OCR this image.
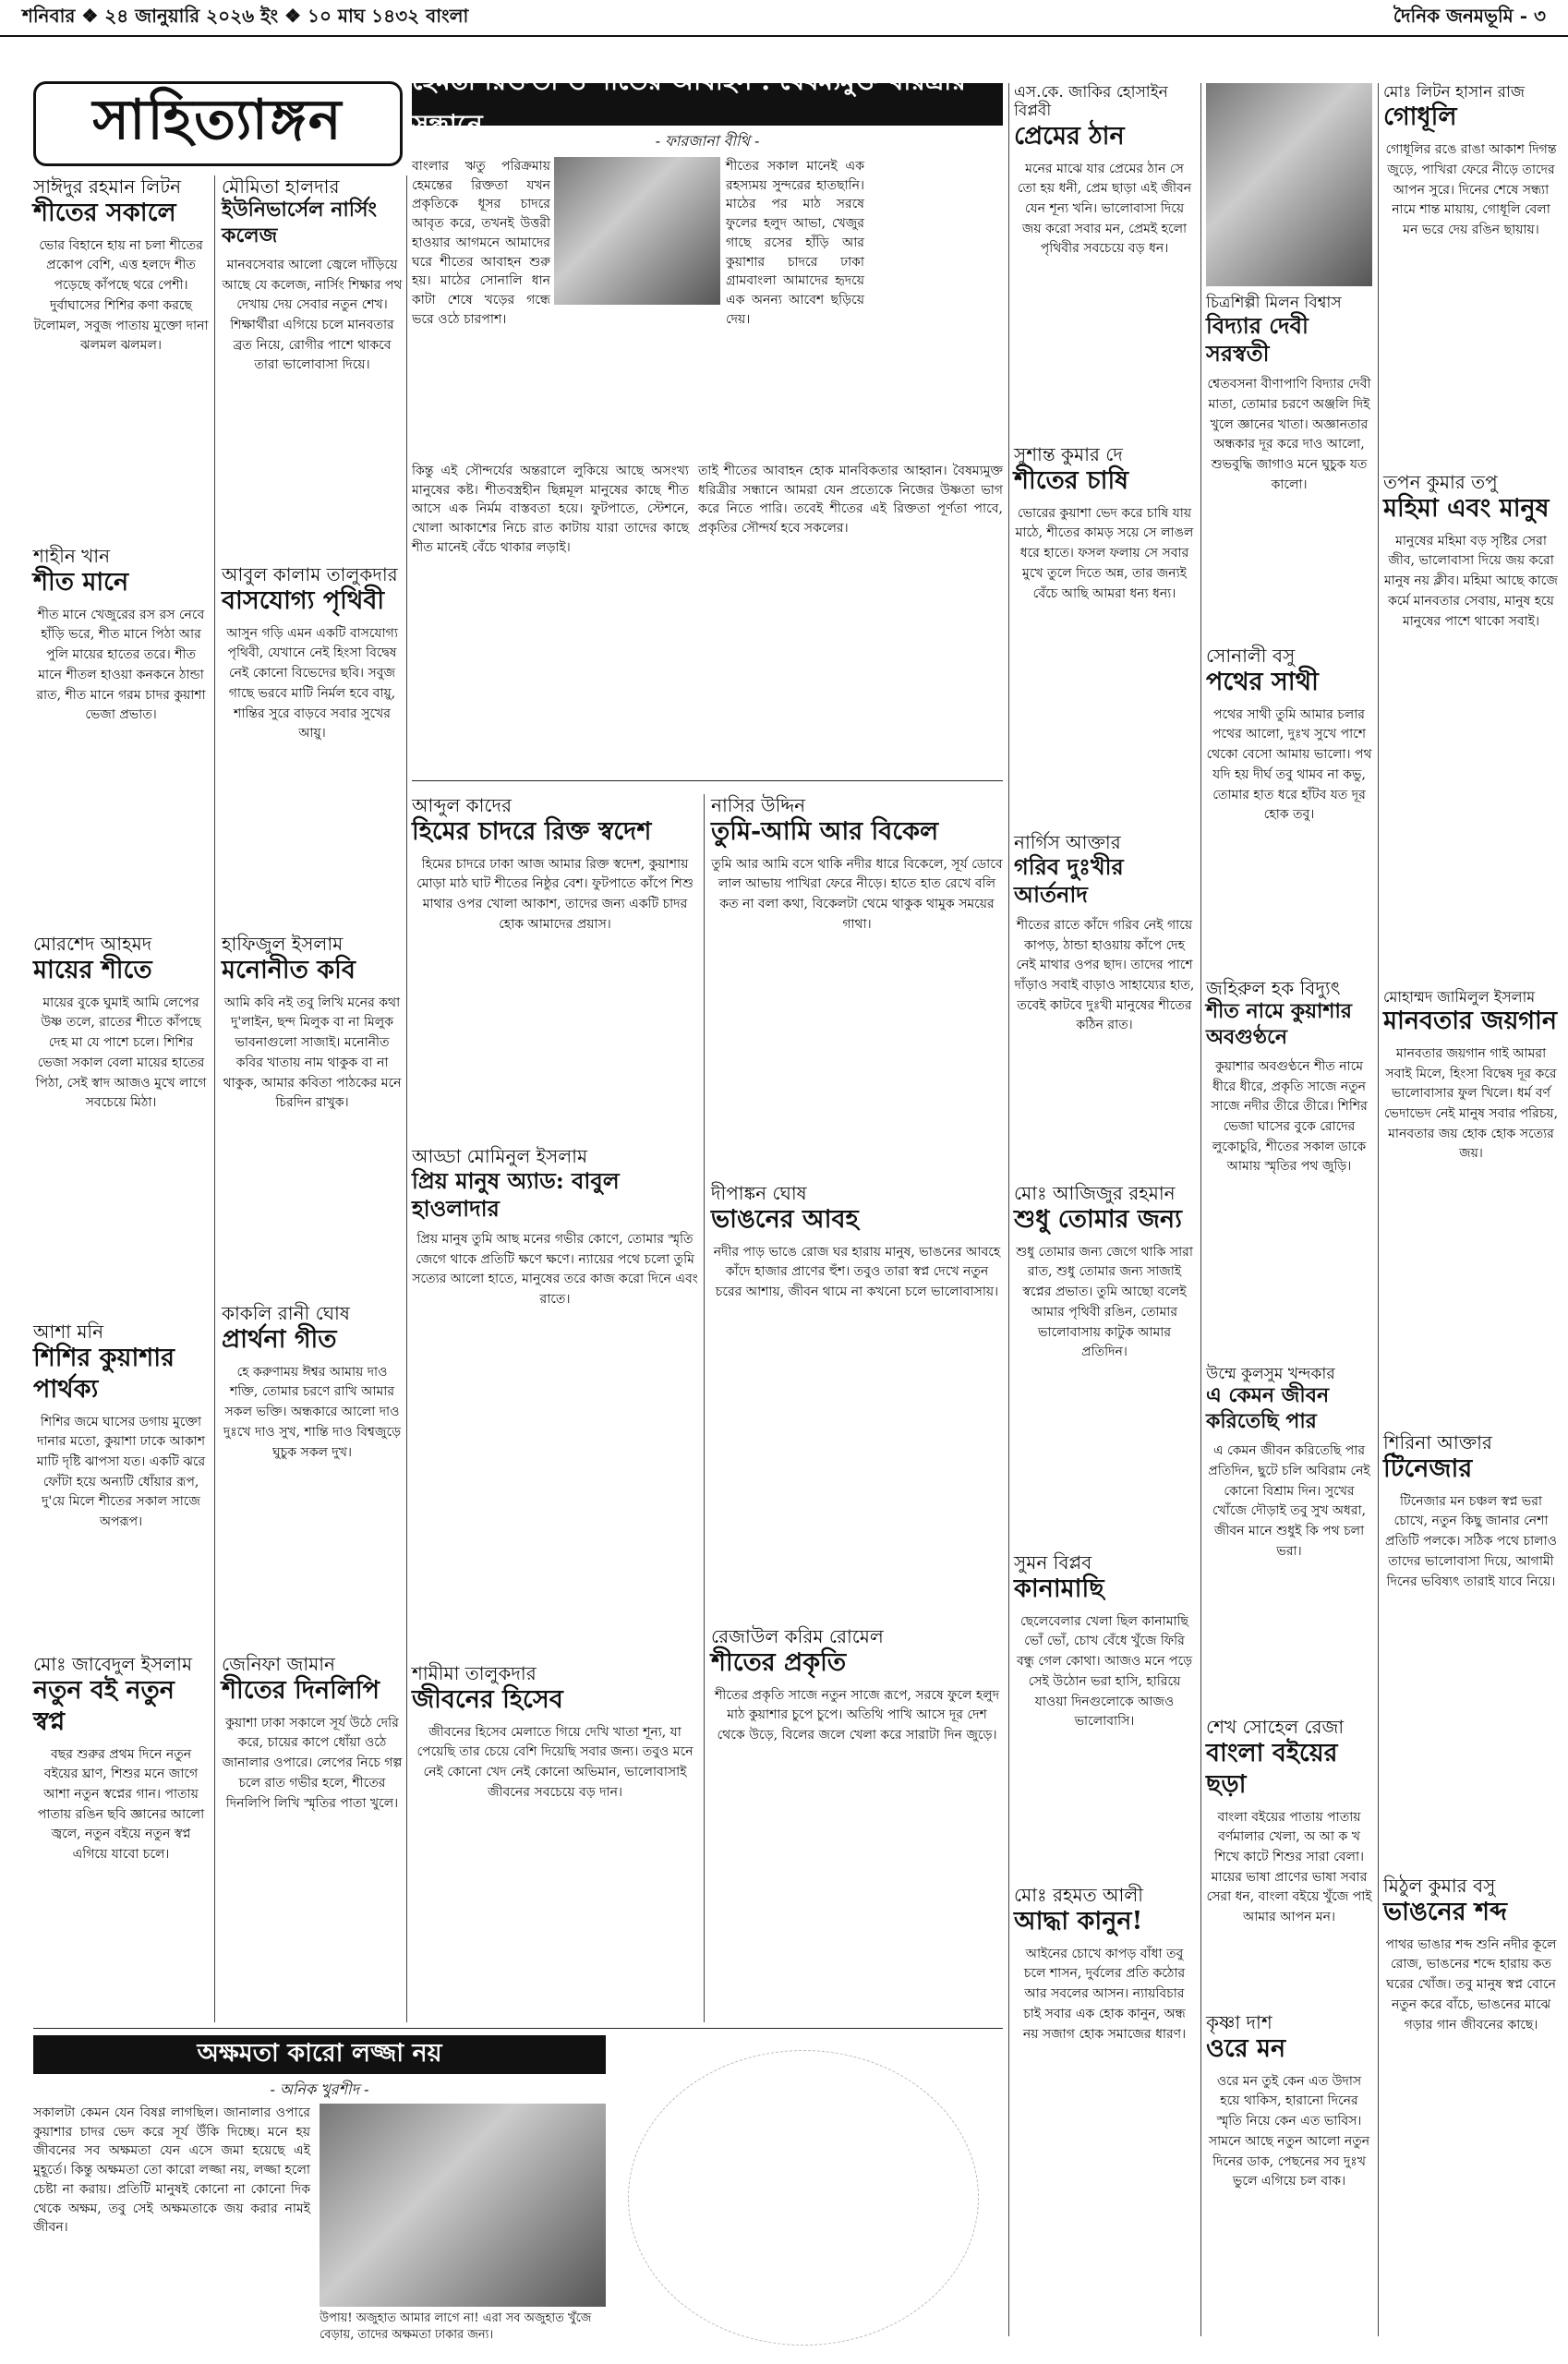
শনিবার ❖ ২৪ জানুয়ারি ২০২৬ ইং ❖ ১০ মাঘ ১৪৩২ বাংলা	দৈনিক জনমভূমি - ৩
সাহিত্যাঙ্গন
হেমন্তী রিক্ততা ও শীতের আবাহন : বৈষম্যমুক্ত ধরিত্রীর সন্ধানে
- ফারজানা বীথি -
বাংলার ঋতু পরিক্রমায় হেমন্তের রিক্ততা যখন প্রকৃতিকে ধূসর চাদরে আবৃত করে, তখনই উত্তরী হাওয়ার আগমনে আমাদের ঘরে শীতের আবাহন শুরু হয়। মাঠের সোনালি ধান কাটা শেষে খড়ের গন্ধে ভরে ওঠে চারপাশ।
শীতের সকাল মানেই এক রহস্যময় সুন্দরের হাতছানি। মাঠের পর মাঠ সরষে ফুলের হলুদ আভা, খেজুর গাছে রসের হাঁড়ি আর কুয়াশার চাদরে ঢাকা গ্রামবাংলা আমাদের হৃদয়ে এক অনন্য আবেশ ছড়িয়ে দেয়।
কিন্তু এই সৌন্দর্যের অন্তরালে লুকিয়ে আছে অসংখ্য মানুষের কষ্ট। শীতবস্ত্রহীন ছিন্নমূল মানুষের কাছে শীত আসে এক নির্মম বাস্তবতা হয়ে। ফুটপাতে, স্টেশনে, খোলা আকাশের নিচে রাত কাটায় যারা তাদের কাছে শীত মানেই বেঁচে থাকার লড়াই।
তাই শীতের আবাহন হোক মানবিকতার আহ্বান। বৈষম্যমুক্ত ধরিত্রীর সন্ধানে আমরা যেন প্রত্যেকে নিজের উষ্ণতা ভাগ করে নিতে পারি। তবেই শীতের এই রিক্ততা পূর্ণতা পাবে, প্রকৃতির সৌন্দর্য হবে সকলের।
সাঈদুর রহমান লিটন
শীতের সকালে
ভোর বিহানে হায় না চলা শীতের প্রকোপ বেশি, এত্ত হলদে শীত পড়েছে কাঁপছে থরে পেশী। দুর্বাঘাসের শিশির কণা করছে টলোমল, সবুজ পাতায় মুক্তো দানা ঝলমল ঝলমল।
শাহীন খান
শীত মানে
শীত মানে খেজুরের রস রস নেবে হাঁড়ি ভরে, শীত মানে পিঠা আর পুলি মায়ের হাতের তরে। শীত মানে শীতল হাওয়া কনকনে ঠান্ডা রাত, শীত মানে গরম চাদর কুয়াশা ভেজা প্রভাত।
মোরশেদ আহমদ
মায়ের শীতে
মায়ের বুকে ঘুমাই আমি লেপের উষ্ণ তলে, রাতের শীতে কাঁপছে দেহ মা যে পাশে চলে। শিশির ভেজা সকাল বেলা মায়ের হাতের পিঠা, সেই স্বাদ আজও মুখে লাগে সবচেয়ে মিঠা।
আশা মনি
শিশির কুয়াশার পার্থক্য
শিশির জমে ঘাসের ডগায় মুক্তো দানার মতো, কুয়াশা ঢাকে আকাশ মাটি দৃষ্টি ঝাপসা যত। একটি ঝরে ফোঁটা হয়ে অন্যটি ধোঁয়ার রূপ, দু'য়ে মিলে শীতের সকাল সাজে অপরূপ।
মোঃ জাবেদুল ইসলাম
নতুন বই নতুন স্বপ্ন
বছর শুরুর প্রথম দিনে নতুন বইয়ের ঘ্রাণ, শিশুর মনে জাগে আশা নতুন স্বপ্নের গান। পাতায় পাতায় রঙিন ছবি জ্ঞানের আলো জ্বলে, নতুন বইয়ে নতুন স্বপ্ন এগিয়ে যাবো চলে।
মৌমিতা হালদার
ইউনিভার্সেল নার্সিং কলেজ
মানবসেবার আলো জ্বেলে দাঁড়িয়ে আছে যে কলেজ, নার্সিং শিক্ষার পথ দেখায় দেয় সেবার নতুন শেখ। শিক্ষার্থীরা এগিয়ে চলে মানবতার ব্রত নিয়ে, রোগীর পাশে থাকবে তারা ভালোবাসা দিয়ে।
আবুল কালাম তালুকদার
বাসযোগ্য পৃথিবী
আসুন গড়ি এমন একটি বাসযোগ্য পৃথিবী, যেখানে নেই হিংসা বিদ্বেষ নেই কোনো বিভেদের ছবি। সবুজ গাছে ভরবে মাটি নির্মল হবে বায়ু, শান্তির সুরে বাড়বে সবার সুখের আয়ু।
হাফিজুল ইসলাম
মনোনীত কবি
আমি কবি নই তবু লিখি মনের কথা দু'লাইন, ছন্দ মিলুক বা না মিলুক ভাবনাগুলো সাজাই। মনোনীত কবির খাতায় নাম থাকুক বা না থাকুক, আমার কবিতা পাঠকের মনে চিরদিন রাখুক।
কাকলি রানী ঘোষ
প্রার্থনা গীত
হে করুণাময় ঈশ্বর আমায় দাও শক্তি, তোমার চরণে রাখি আমার সকল ভক্তি। অন্ধকারে আলো দাও দুঃখে দাও সুখ, শান্তি দাও বিশ্বজুড়ে ঘুচুক সকল দুখ।
জেনিফা জামান
শীতের দিনলিপি
কুয়াশা ঢাকা সকালে সূর্য উঠে দেরি করে, চায়ের কাপে ধোঁয়া ওঠে জানালার ওপারে। লেপের নিচে গল্প চলে রাত গভীর হলে, শীতের দিনলিপি লিখি স্মৃতির পাতা খুলে।
আব্দুল কাদের
হিমের চাদরে রিক্ত স্বদেশ
হিমের চাদরে ঢাকা আজ আমার রিক্ত স্বদেশ, কুয়াশায় মোড়া মাঠ ঘাট শীতের নিষ্ঠুর বেশ। ফুটপাতে কাঁপে শিশু মাথার ওপর খোলা আকাশ, তাদের জন্য একটি চাদর হোক আমাদের প্রয়াস।
আড্ডা মোমিনুল ইসলাম
প্রিয় মানুষ অ্যাড: বাবুল হাওলাদার
প্রিয় মানুষ তুমি আছ মনের গভীর কোণে, তোমার স্মৃতি জেগে থাকে প্রতিটি ক্ষণে ক্ষণে। ন্যায়ের পথে চলো তুমি সত্যের আলো হাতে, মানুষের তরে কাজ করো দিনে এবং রাতে।
শামীমা তালুকদার
জীবনের হিসেব
জীবনের হিসেব মেলাতে গিয়ে দেখি খাতা শূন্য, যা পেয়েছি তার চেয়ে বেশি দিয়েছি সবার জন্য। তবুও মনে নেই কোনো খেদ নেই কোনো অভিমান, ভালোবাসাই জীবনের সবচেয়ে বড় দান।
নাসির উদ্দিন
তুমি-আমি আর বিকেল
তুমি আর আমি বসে থাকি নদীর ধারে বিকেলে, সূর্য ডোবে লাল আভায় পাখিরা ফেরে নীড়ে। হাতে হাত রেখে বলি কত না বলা কথা, বিকেলটা থেমে থাকুক থামুক সময়ের গাথা।
দীপাঙ্কন ঘোষ
ভাঙনের আবহ
নদীর পাড় ভাঙে রোজ ঘর হারায় মানুষ, ভাঙনের আবহে কাঁদে হাজার প্রাণের হুঁশ। তবুও তারা স্বপ্ন দেখে নতুন চরের আশায়, জীবন থামে না কখনো চলে ভালোবাসায়।
রেজাউল করিম রোমেল
শীতের প্রকৃতি
শীতের প্রকৃতি সাজে নতুন সাজে রূপে, সরষে ফুলে হলুদ মাঠ কুয়াশার চুপে চুপে। অতিথি পাখি আসে দূর দেশ থেকে উড়ে, বিলের জলে খেলা করে সারাটা দিন জুড়ে।
এস.কে. জাকির হোসাইন বিপ্লবী
প্রেমের ঠান
মনের মাঝে যার প্রেমের ঠান সে তো হয় ধনী, প্রেম ছাড়া এই জীবন যেন শূন্য খনি। ভালোবাসা দিয়ে জয় করো সবার মন, প্রেমই হলো পৃথিবীর সবচেয়ে বড় ধন।
সুশান্ত কুমার দে
শীতের চাষি
ভোরের কুয়াশা ভেদ করে চাষি যায় মাঠে, শীতের কামড় সয়ে সে লাঙল ধরে হাতে। ফসল ফলায় সে সবার মুখে তুলে দিতে অন্ন, তার জন্যই বেঁচে আছি আমরা ধন্য ধন্য।
নার্গিস আক্তার
গরিব দুঃখীর আর্তনাদ
শীতের রাতে কাঁদে গরিব নেই গায়ে কাপড়, ঠান্ডা হাওয়ায় কাঁপে দেহ নেই মাথার ওপর ছাদ। তাদের পাশে দাঁড়াও সবাই বাড়াও সাহায্যের হাত, তবেই কাটবে দুঃখী মানুষের শীতের কঠিন রাত।
মোঃ আজিজুর রহমান
শুধু তোমার জন্য
শুধু তোমার জন্য জেগে থাকি সারা রাত, শুধু তোমার জন্য সাজাই স্বপ্নের প্রভাত। তুমি আছো বলেই আমার পৃথিবী রঙিন, তোমার ভালোবাসায় কাটুক আমার প্রতিদিন।
সুমন বিপ্লব
কানামাছি
ছেলেবেলার খেলা ছিল কানামাছি ভোঁ ভোঁ, চোখ বেঁধে খুঁজে ফিরি বন্ধু গেল কোথা। আজও মনে পড়ে সেই উঠোন ভরা হাসি, হারিয়ে যাওয়া দিনগুলোকে আজও ভালোবাসি।
মোঃ রহমত আলী
আদ্ধা কানুন!
আইনের চোখে কাপড় বাঁধা তবু চলে শাসন, দুর্বলের প্রতি কঠোর আর সবলের আসন। ন্যায়বিচার চাই সবার এক হোক কানুন, অন্ধ নয় সজাগ হোক সমাজের ধারণ।
চিত্রশিল্পী মিলন বিশ্বাস
বিদ্যার দেবী সরস্বতী
শ্বেতবসনা বীণাপাণি বিদ্যার দেবী মাতা, তোমার চরণে অঞ্জলি দিই খুলে জ্ঞানের খাতা। অজ্ঞানতার অন্ধকার দূর করে দাও আলো, শুভবুদ্ধি জাগাও মনে ঘুচুক যত কালো।
সোনালী বসু
পথের সাথী
পথের সাথী তুমি আমার চলার পথের আলো, দুঃখ সুখে পাশে থেকো বেসো আমায় ভালো। পথ যদি হয় দীর্ঘ তবু থামব না কভু, তোমার হাত ধরে হাঁটব যত দূর হোক তবু।
জহিরুল হক বিদ্যুৎ
শীত নামে কুয়াশার অবগুণ্ঠনে
কুয়াশার অবগুণ্ঠনে শীত নামে ধীরে ধীরে, প্রকৃতি সাজে নতুন সাজে নদীর তীরে তীরে। শিশির ভেজা ঘাসের বুকে রোদের লুকোচুরি, শীতের সকাল ডাকে আমায় স্মৃতির পথ জুড়ি।
উম্মে কুলসুম খন্দকার
এ কেমন জীবন করিতেছি পার
এ কেমন জীবন করিতেছি পার প্রতিদিন, ছুটে চলি অবিরাম নেই কোনো বিশ্রাম দিন। সুখের খোঁজে দৌড়াই তবু সুখ অধরা, জীবন মানে শুধুই কি পথ চলা ভরা।
শেখ সোহেল রেজা
বাংলা বইয়ের ছড়া
বাংলা বইয়ের পাতায় পাতায় বর্ণমালার খেলা, অ আ ক খ শিখে কাটে শিশুর সারা বেলা। মায়ের ভাষা প্রাণের ভাষা সবার সেরা ধন, বাংলা বইয়ে খুঁজে পাই আমার আপন মন।
কৃষ্ণা দাশ
ওরে মন
ওরে মন তুই কেন এত উদাস হয়ে থাকিস, হারানো দিনের স্মৃতি নিয়ে কেন এত ভাবিস। সামনে আছে নতুন আলো নতুন দিনের ডাক, পেছনের সব দুঃখ ভুলে এগিয়ে চল বাক।
মোঃ লিটন হাসান রাজ
গোধূলি
গোধূলির রঙে রাঙা আকাশ দিগন্ত জুড়ে, পাখিরা ফেরে নীড়ে তাদের আপন সুরে। দিনের শেষে সন্ধ্যা নামে শান্ত মায়ায়, গোধূলি বেলা মন ভরে দেয় রঙিন ছায়ায়।
তপন কুমার তপু
মহিমা এবং মানুষ
মানুষের মহিমা বড় সৃষ্টির সেরা জীব, ভালোবাসা দিয়ে জয় করো মানুষ নয় ক্লীব। মহিমা আছে কাজে কর্মে মানবতার সেবায়, মানুষ হয়ে মানুষের পাশে থাকো সবাই।
মোহাম্মদ জামিলুল ইসলাম
মানবতার জয়গান
মানবতার জয়গান গাই আমরা সবাই মিলে, হিংসা বিদ্বেষ দূর করে ভালোবাসার ফুল খিলে। ধর্ম বর্ণ ভেদাভেদ নেই মানুষ সবার পরিচয়, মানবতার জয় হোক হোক সত্যের জয়।
শিরিনা আক্তার
টিনেজার
টিনেজার মন চঞ্চল স্বপ্ন ভরা চোখে, নতুন কিছু জানার নেশা প্রতিটি পলকে। সঠিক পথে চালাও তাদের ভালোবাসা দিয়ে, আগামী দিনের ভবিষ্যৎ তারাই যাবে নিয়ে।
মিঠুল কুমার বসু
ভাঙনের শব্দ
পাথর ভাঙার শব্দ শুনি নদীর কূলে রোজ, ভাঙনের শব্দে হারায় কত ঘরের খোঁজ। তবু মানুষ স্বপ্ন বোনে নতুন করে বাঁচে, ভাঙনের মাঝে গড়ার গান জীবনের কাছে।
অক্ষমতা কারো লজ্জা নয়
- অনিক খুরশীদ -
সকালটা কেমন যেন বিষণ্ণ লাগছিল। জানালার ওপারে কুয়াশার চাদর ভেদ করে সূর্য উঁকি দিচ্ছে। মনে হয় জীবনের সব অক্ষমতা যেন এসে জমা হয়েছে এই মুহূর্তে। কিন্তু অক্ষমতা তো কারো লজ্জা নয়, লজ্জা হলো চেষ্টা না করায়। প্রতিটি মানুষই কোনো না কোনো দিক থেকে অক্ষম, তবু সেই অক্ষমতাকে জয় করার নামই জীবন।
উপায়! অজুহাত আমার লাগে না! এরা সব অজুহাত খুঁজে বেড়ায়, তাদের অক্ষমতা ঢাকার জন্য।
